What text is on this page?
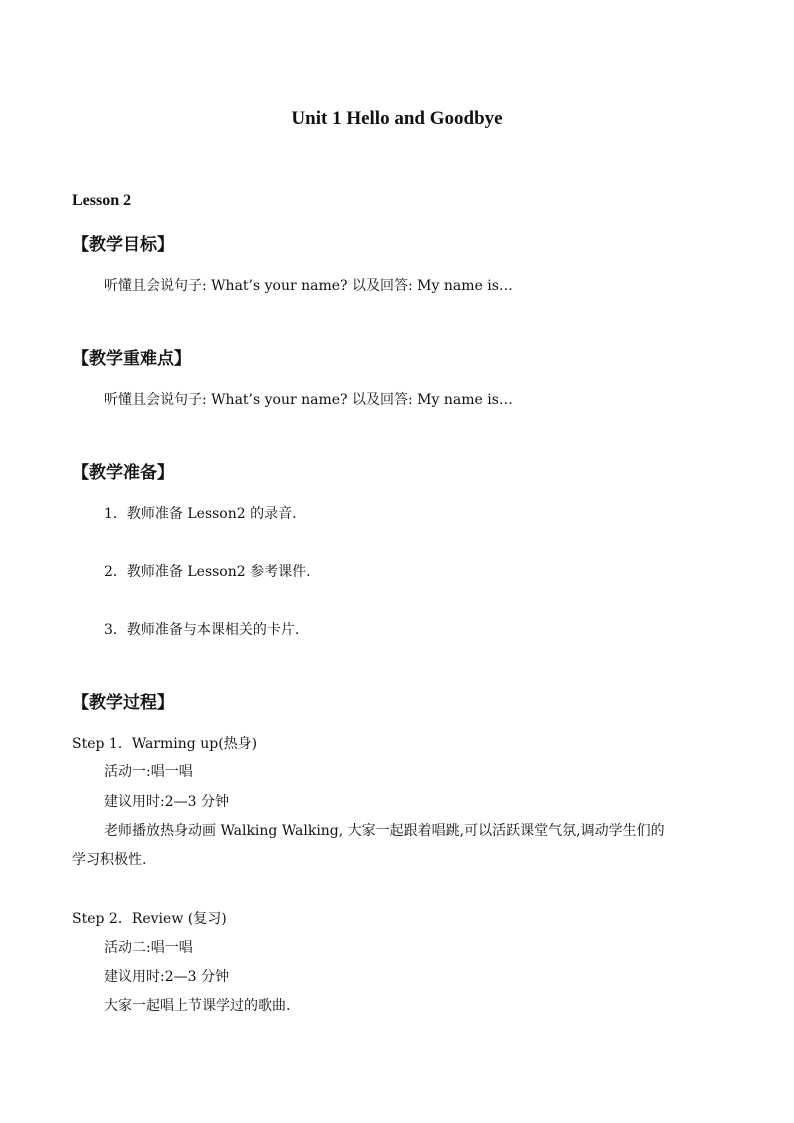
Unit 1 Hello and Goodbye
Lesson 2
【教学目标】
听懂且会说句子: What’s your name? 以及回答: My name is…
【教学重难点】
听懂且会说句子: What’s your name? 以及回答: My name is…
【教学准备】
1．教师准备 Lesson2 的录音.
2．教师准备 Lesson2 参考课件.
3．教师准备与本课相关的卡片.
【教学过程】
Step 1．Warming up(热身)
活动一:唱一唱
建议用时:2—3 分钟
老师播放热身动画 Walking Walking, 大家一起跟着唱跳,可以活跃课堂气氛,调动学生们的
学习积极性.
Step 2．Review (复习)
活动二:唱一唱
建议用时:2—3 分钟
大家一起唱上节课学过的歌曲.
